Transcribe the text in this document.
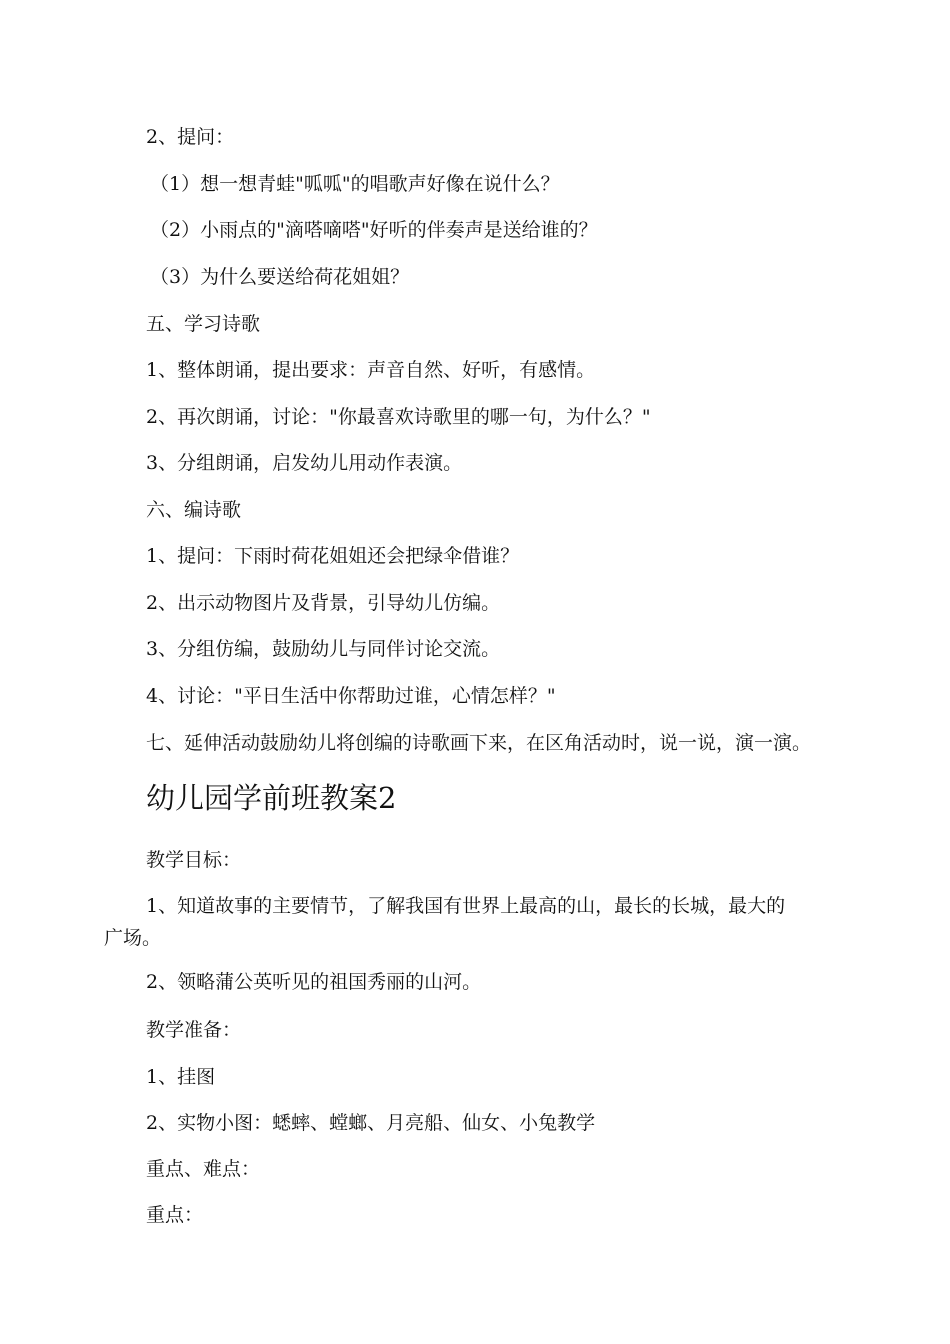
2、提问：

（1）想一想青蛙"呱呱"的唱歌声好像在说什么？

（2）小雨点的"滴嗒嘀嗒"好听的伴奏声是送给谁的？

（3）为什么要送给荷花姐姐？

五、学习诗歌

1、整体朗诵，提出要求：声音自然、好听，有感情。

2、再次朗诵，讨论："你最喜欢诗歌里的哪一句，为什么？"

3、分组朗诵，启发幼儿用动作表演。

六、编诗歌

1、提问：下雨时荷花姐姐还会把绿伞借谁？

2、出示动物图片及背景，引导幼儿仿编。

3、分组仿编，鼓励幼儿与同伴讨论交流。

4、讨论："平日生活中你帮助过谁，心情怎样？"

七、延伸活动鼓励幼儿将创编的诗歌画下来，在区角活动时，说一说，演一演。

幼儿园学前班教案2

教学目标：

1、知道故事的主要情节，了解我国有世界上最高的山，最长的长城，最大的
广场。

2、领略蒲公英听见的祖国秀丽的山河。

教学准备：

1、挂图

2、实物小图：蟋蟀、螳螂、月亮船、仙女、小兔教学

重点、难点：

重点：
